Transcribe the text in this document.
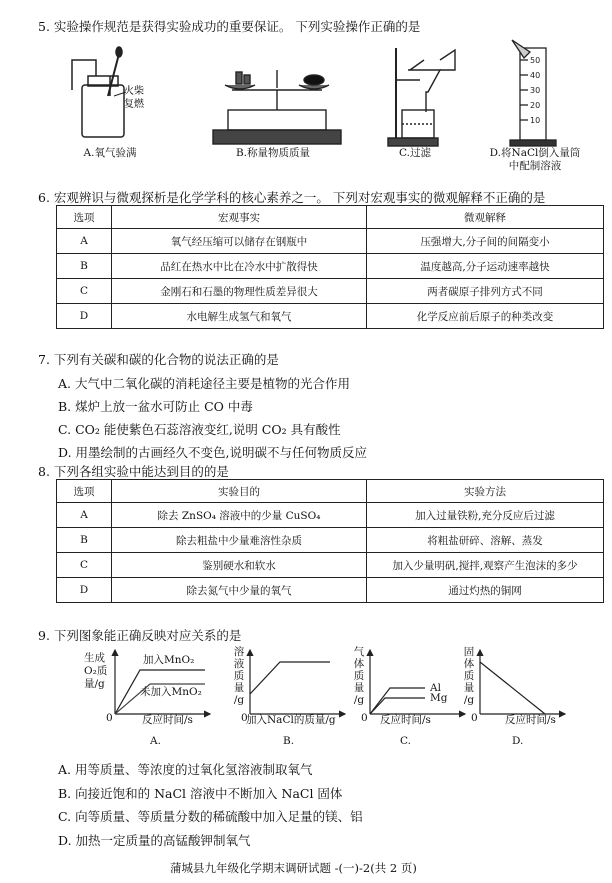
5. 实验操作规范是获得实验成功的重要保证。 下列实验操作正确的是
火柴
复燃
50
40
30
20
10
A.氧气验满	B.称量物质质量	C.过滤	D.将NaCl倒入量筒
中配制溶液
6. 宏观辨识与微观探析是化学学科的核心素养之一。 下列对宏观事实的微观解释不正确的是
选项	宏观事实	微观解释
A	氧气经压缩可以储存在钢瓶中	压强增大,分子间的间隔变小
B	品红在热水中比在冷水中扩散得快	温度越高,分子运动速率越快
C	金刚石和石墨的物理性质差异很大	两者碳原子排列方式不同
D	水电解生成氢气和氧气	化学反应前后原子的种类改变
7. 下列有关碳和碳的化合物的说法正确的是
A. 大气中二氧化碳的消耗途径主要是植物的光合作用
B. 煤炉上放一盆水可防止 CO 中毒
C. CO₂ 能使紫色石蕊溶液变红,说明 CO₂ 具有酸性
D. 用墨绘制的古画经久不变色,说明碳不与任何物质反应
8. 下列各组实验中能达到目的的是
选项	实验目的	实验方法
A	除去 ZnSO₄ 溶液中的少量 CuSO₄	加入过量铁粉,充分反应后过滤
B	除去粗盐中少量难溶性杂质	将粗盐研碎、溶解、蒸发
C	鉴别硬水和软水	加入少量明矾,搅拌,观察产生泡沫的多少
D	除去氮气中少量的氧气	通过灼热的铜网
9. 下列图象能正确反映对应关系的是
生成
O₂质
量/g
加入MnO₂
未加入MnO₂
0	反应时间/s
A.
溶
液
质
量
/g
0
加入NaCl的质量/g
B.
气
体
质
量
/g
Al
Mg
0 反应时间/s
C.
固
体
质
量
/g
0	反应时间/s
D.
A. 用等质量、等浓度的过氧化氢溶液制取氧气
B. 向接近饱和的 NaCl 溶液中不断加入 NaCl 固体
C. 向等质量、等质量分数的稀硫酸中加入足量的镁、铝
D. 加热一定质量的高锰酸钾制氧气
蒲城县九年级化学期末调研试题 -(一)-2(共 2 页)
